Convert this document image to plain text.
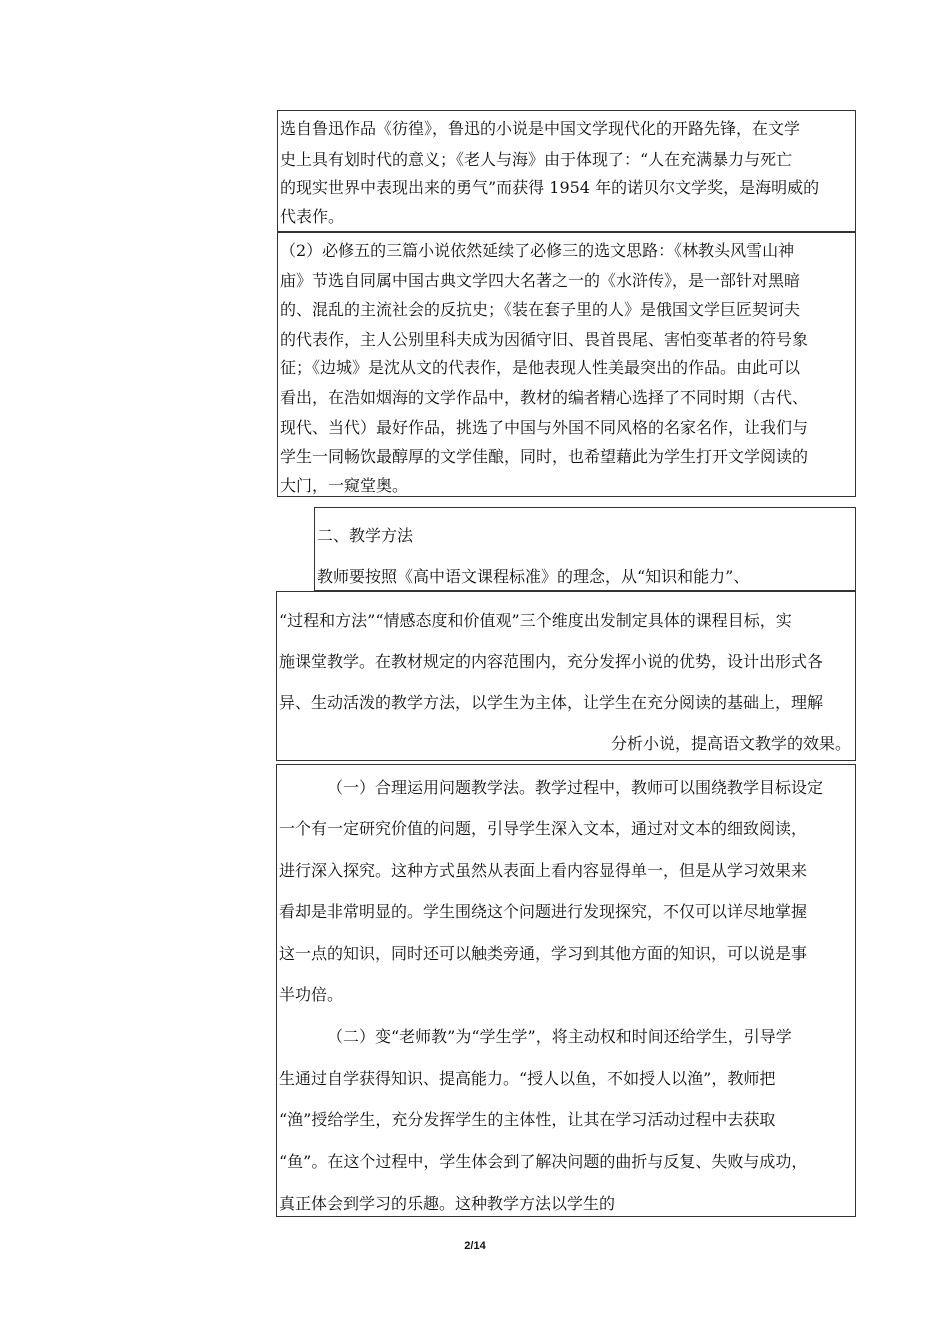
选自鲁迅作品《彷徨》，鲁迅的小说是中国文学现代化的开路先锋，在文学
史上具有划时代的意义；《老人与海》由于体现了：“人在充满暴力与死亡
的现实世界中表现出来的勇气”而获得 1954 年的诺贝尔文学奖，是海明威的
代表作。
（2）必修五的三篇小说依然延续了必修三的选文思路：《林教头风雪山神
庙》节选自同属中国古典文学四大名著之一的《水浒传》，是一部针对黑暗
的、混乱的主流社会的反抗史；《装在套子里的人》是俄国文学巨匠契诃夫
的代表作，主人公别里科夫成为因循守旧、畏首畏尾、害怕变革者的符号象
征；《边城》是沈从文的代表作，是他表现人性美最突出的作品。由此可以
看出，在浩如烟海的文学作品中，教材的编者精心选择了不同时期（古代、
现代、当代）最好作品，挑选了中国与外国不同风格的名家名作，让我们与
学生一同畅饮最醇厚的文学佳酿，同时，也希望藉此为学生打开文学阅读的
大门，一窥堂奥。
二、教学方法
教师要按照《高中语文课程标准》的理念，从“知识和能力”、
“过程和方法”“情感态度和价值观”三个维度出发制定具体的课程目标，实
施课堂教学。在教材规定的内容范围内，充分发挥小说的优势，设计出形式各
异、生动活泼的教学方法，以学生为主体，让学生在充分阅读的基础上，理解
分析小说，提高语文教学的效果。
（一）合理运用问题教学法。教学过程中，教师可以围绕教学目标设定
一个有一定研究价值的问题，引导学生深入文本，通过对文本的细致阅读，
进行深入探究。这种方式虽然从表面上看内容显得单一，但是从学习效果来
看却是非常明显的。学生围绕这个问题进行发现探究，不仅可以详尽地掌握
这一点的知识，同时还可以触类旁通，学习到其他方面的知识，可以说是事
半功倍。
（二）变“老师教”为“学生学”，将主动权和时间还给学生，引导学
生通过自学获得知识、提高能力。“授人以鱼，不如授人以渔”，教师把
“渔”授给学生，充分发挥学生的主体性，让其在学习活动过程中去获取
“鱼”。在这个过程中，学生体会到了解决问题的曲折与反复、失败与成功，
真正体会到学习的乐趣。这种教学方法以学生的
2/14
